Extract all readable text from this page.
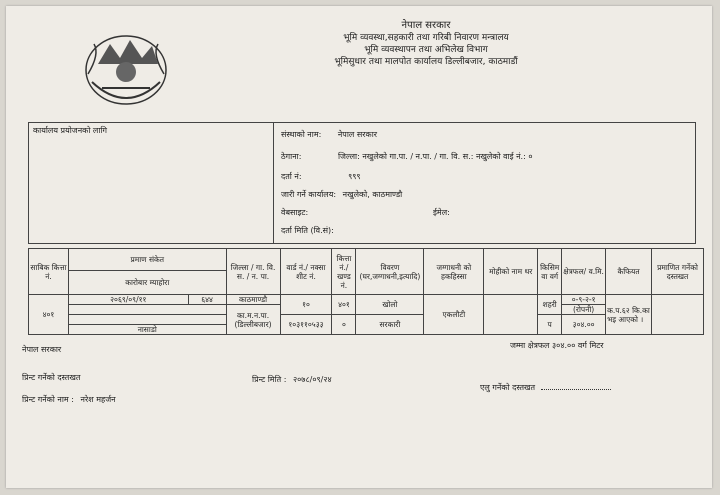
नेपाल सरकार
भूमि व्यवस्था,सहकारी तथा गरिबी निवारण मन्त्रालय
भूमि व्यवस्थापन तथा अभिलेख विभाग
भूमिसुधार तथा मालपोत कार्यालय डिल्लीबजार, काठमाडौं
कार्यालय प्रयोजनको लागि	संस्थाको नाम: नेपाल सरकार
ठेगाना:	जिल्ला: नखुलेको गा.पा. / न.पा. / गा. वि. स.: नखुलेको वाई नं.: ०
दर्ता नं:	९९९
जारी गर्ने कार्यालय: नखुलेको, काठमाण्डौ
वेबसाइट:	ईमेल:
दर्ता मिति (वि.सं):
साबिक कित्ता नं.	प्रमाण संकेत		जिल्ला / गा. वि. स. / न. पा.	वार्ड नं./ नक्सा शीट नं.	कित्ता नं./ खण्ड नं.	विवरण (घर,जग्गाधनी,इत्यादि)	जग्गाधनी को हकहिस्सा	मोहीको नाम थर	किसिम वा वर्ग	क्षेत्रफल/ व.मि.	कैफियत	प्रमाणित गर्नेको दस्तखत
	कारोबार म्याहोरा											
४०१	२०६९/०९/११	६४४	काठमाण्डौ	१०	४०१	खोलो	एकलौटी		शहरी	०-९-२-१	क.प.६२ कि.का भइ आएको ।	
			का.म.न.पा. (डिल्लीबजार)							(रोपनी)		
				१०३११०५३३	०	सरकारी			प	३०४.००		
	नासाडो											
नेपाल सरकार	जम्मा क्षेत्रफल ३०४.०० वर्ग मिटर
प्रिन्ट गर्नेको दस्तखत	प्रिन्ट मिति : २०७८/०९/२४
एलु गर्नेको दस्तखत
प्रिन्ट गर्नेको नाम : नरेश महर्जन
